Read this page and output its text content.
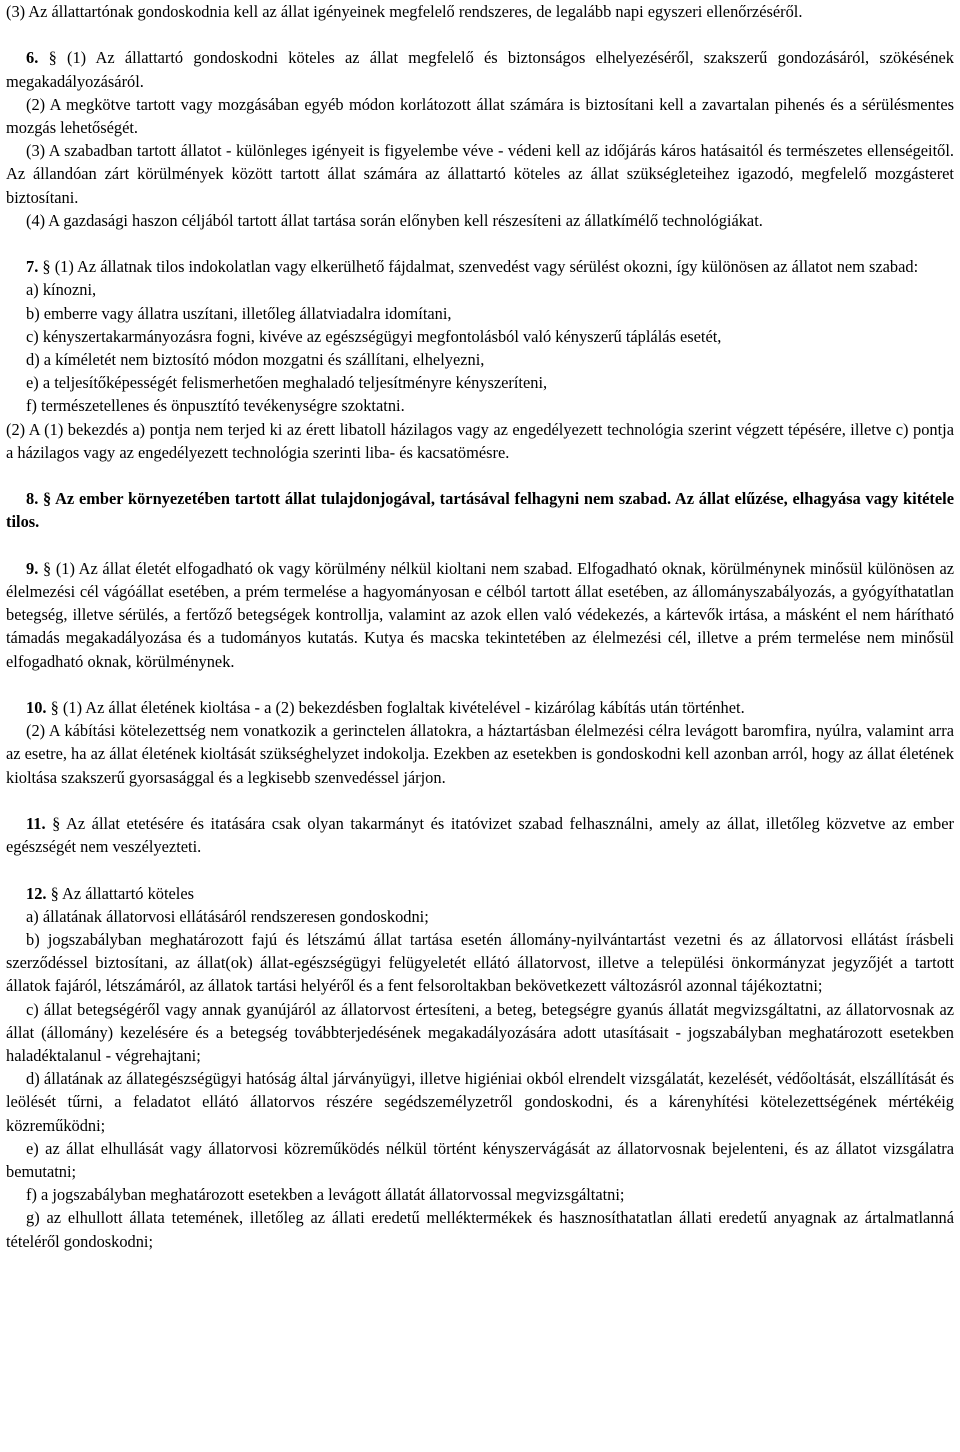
(3) Az állattartónak gondoskodnia kell az állat igényeinek megfelelő rendszeres, de legalább napi egyszeri ellenőrzéséről.

6. § (1) Az állattartó gondoskodni köteles az állat megfelelő és biztonságos elhelyezéséről, szakszerű gondozásáról, szökésének megakadályozásáról.

(2) A megkötve tartott vagy mozgásában egyéb módon korlátozott állat számára is biztosítani kell a zavartalan pihenés és a sérülésmentes mozgás lehetőségét.

(3) A szabadban tartott állatot - különleges igényeit is figyelembe véve - védeni kell az időjárás káros hatásaitól és természetes ellenségeitől. Az állandóan zárt körülmények között tartott állat számára az állattartó köteles az állat szükségleteihez igazodó, megfelelő mozgásteret biztosítani.

(4) A gazdasági haszon céljából tartott állat tartása során előnyben kell részesíteni az állatkímélő technológiákat.

7. § (1) Az állatnak tilos indokolatlan vagy elkerülhető fájdalmat, szenvedést vagy sérülést okozni, így különösen az állatot nem szabad:

a) kínozni,

b) emberre vagy állatra uszítani, illetőleg állatviadalra idomítani,

c) kényszertakarmányozásra fogni, kivéve az egészségügyi megfontolásból való kényszerű táplálás esetét,

d) a kíméletét nem biztosító módon mozgatni és szállítani, elhelyezni,

e) a teljesítőképességét felismerhetően meghaladó teljesítményre kényszeríteni,

f) természetellenes és önpusztító tevékenységre szoktatni.

(2) A (1) bekezdés a) pontja nem terjed ki az érett libatoll házilagos vagy az engedélyezett technológia szerint végzett tépésére, illetve c) pontja a házilagos vagy az engedélyezett technológia szerinti liba- és kacsatömésre.

8. § Az ember környezetében tartott állat tulajdonjogával, tartásával felhagyni nem szabad. Az állat elűzése, elhagyása vagy kitétele tilos.

9. § (1) Az állat életét elfogadható ok vagy körülmény nélkül kioltani nem szabad. Elfogadható oknak, körülménynek minősül különösen az élelmezési cél vágóállat esetében, a prém termelése a hagyományosan e célból tartott állat esetében, az állományszabályozás, a gyógyíthatatlan betegség, illetve sérülés, a fertőző betegségek kontrollja, valamint az azok ellen való védekezés, a kártevők irtása, a másként el nem hárítható támadás megakadályozása és a tudományos kutatás. Kutya és macska tekintetében az élelmezési cél, illetve a prém termelése nem minősül elfogadható oknak, körülménynek.

10. § (1) Az állat életének kioltása - a (2) bekezdésben foglaltak kivételével - kizárólag kábítás után történhet.

(2) A kábítási kötelezettség nem vonatkozik a gerinctelen állatokra, a háztartásban élelmezési célra levágott baromfira, nyúlra, valamint arra az esetre, ha az állat életének kioltását szükséghelyzet indokolja. Ezekben az esetekben is gondoskodni kell azonban arról, hogy az állat életének kioltása szakszerű gyorsasággal és a legkisebb szenvedéssel járjon.

11. § Az állat etetésére és itatására csak olyan takarmányt és itatóvizet szabad felhasználni, amely az állat, illetőleg közvetve az ember egészségét nem veszélyezteti.

12. § Az állattartó köteles

a) állatának állatorvosi ellátásáról rendszeresen gondoskodni;

b) jogszabályban meghatározott fajú és létszámú állat tartása esetén állomány-nyilvántartást vezetni és az állatorvosi ellátást írásbeli szerződéssel biztosítani, az állat(ok) állat-egészségügyi felügyeletét ellátó állatorvost, illetve a települési önkormányzat jegyzőjét a tartott állatok fajáról, létszámáról, az állatok tartási helyéről és a fent felsoroltakban bekövetkezett változásról azonnal tájékoztatni;

c) állat betegségéről vagy annak gyanújáról az állatorvost értesíteni, a beteg, betegségre gyanús állatát megvizsgáltatni, az állatorvosnak az állat (állomány) kezelésére és a betegség továbbterjedésének megakadályozására adott utasításait - jogszabályban meghatározott esetekben haladéktalanul - végrehajtani;

d) állatának az állategészségügyi hatóság által járványügyi, illetve higiéniai okból elrendelt vizsgálatát, kezelését, védőoltását, elszállítását és leölését tűrni, a feladatot ellátó állatorvos részére segédszemélyzetről gondoskodni, és a kárenyhítési kötelezettségének mértékéig közreműködni;

e) az állat elhullását vagy állatorvosi közreműködés nélkül történt kényszervágását az állatorvosnak bejelenteni, és az állatot vizsgálatra bemutatni;

f) a jogszabályban meghatározott esetekben a levágott állatát állatorvossal megvizsgáltatni;

g) az elhullott állata tetemének, illetőleg az állati eredetű melléktermékek és hasznosíthatatlan állati eredetű anyagnak az ártalmatlanná tételéről gondoskodni;
